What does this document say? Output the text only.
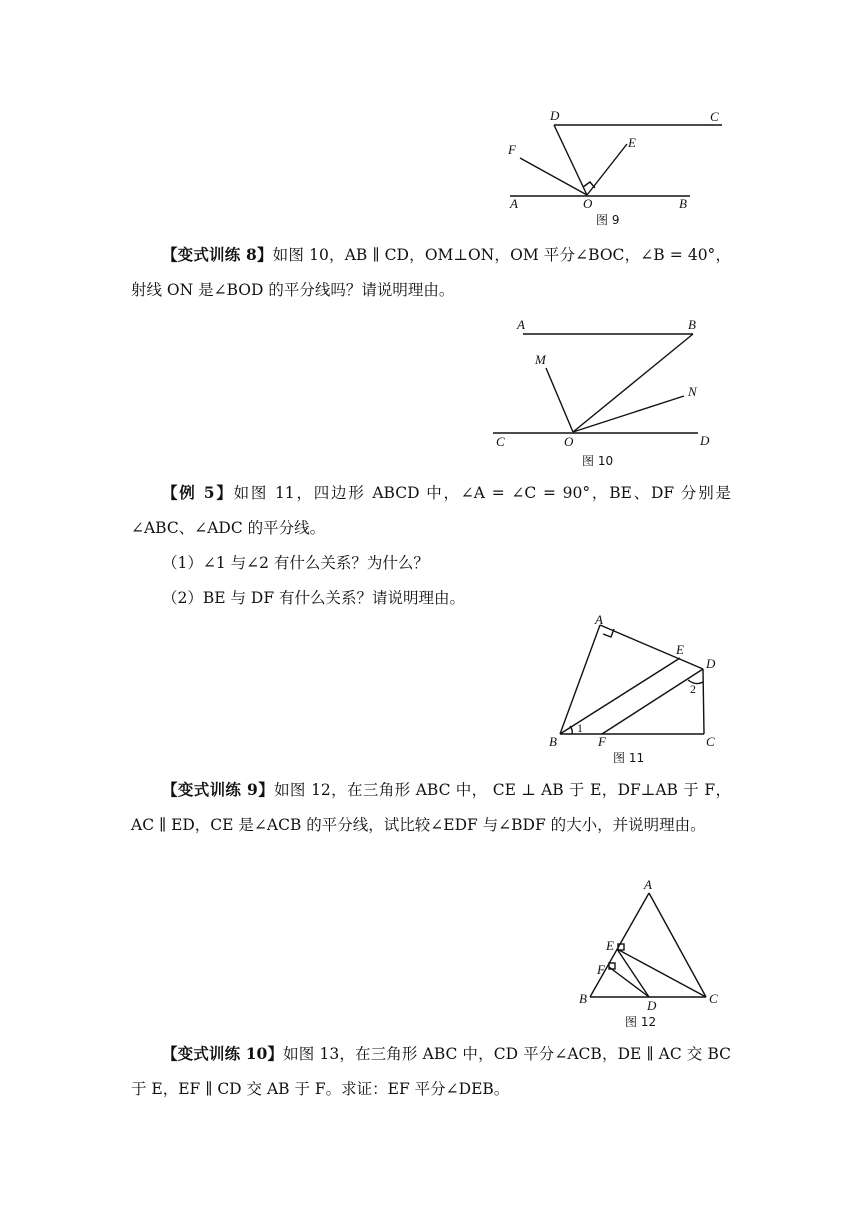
D	C
F	E
A	O	B
图 9

【变式训练 8】如图 10，AB ∥ CD，OM⊥ON，OM 平分∠BOC，∠B = 40°，射线 ON 是∠BOD 的平分线吗？请说明理由。

A	B
M
N
C	O	D
图 10

【例 5】如图 11，四边形 ABCD 中，∠A = ∠C = 90°，BE、DF 分别是∠ABC、∠ADC 的平分线。

（1）∠1 与∠2 有什么关系？为什么？

（2）BE 与 DF 有什么关系？请说明理由。

A
E
D
2
1
B	F	C
图 11

【变式训练 9】如图 12，在三角形 ABC 中， CE ⊥ AB 于 E，DF⊥AB 于 F，AC ∥ ED，CE 是∠ACB 的平分线，试比较∠EDF 与∠BDF 的大小，并说明理由。

A
E
F
B	D	C
图 12

【变式训练 10】如图 13，在三角形 ABC 中，CD 平分∠ACB，DE ∥ AC 交 BC 于 E，EF ∥ CD 交 AB 于 F。求证：EF 平分∠DEB。
